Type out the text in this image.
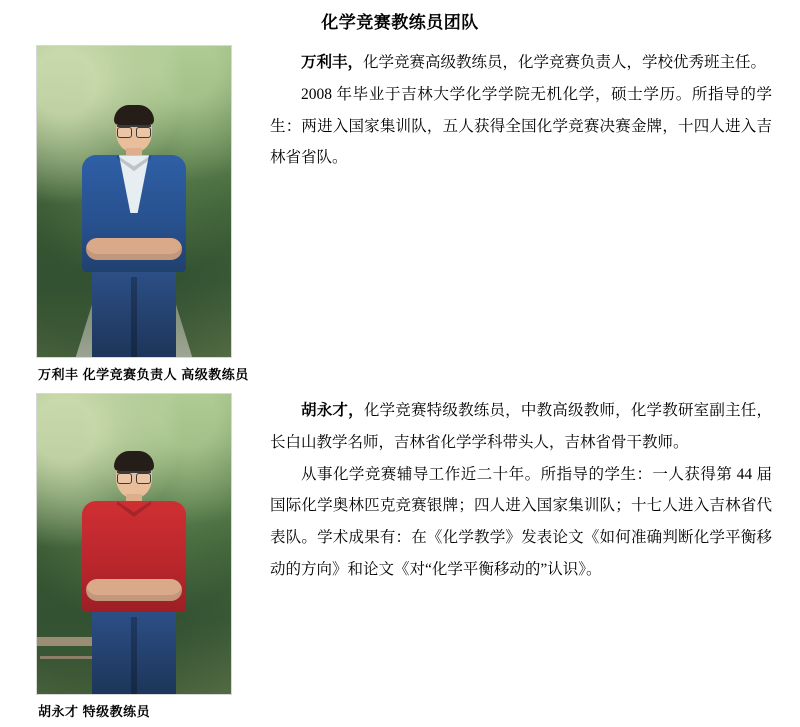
化学竞赛教练员团队
万利丰 化学竞赛负责人 高级教练员

万利丰，化学竞赛高级教练员，化学竞赛负责人，学校优秀班主任。

2008 年毕业于吉林大学化学学院无机化学，硕士学历。所指导的学生：两进入国家集训队，五人获得全国化学竞赛决赛金牌，十四人进入吉林省省队。

胡永才 特级教练员

胡永才，化学竞赛特级教练员，中教高级教师，化学教研室副主任，长白山教学名师，吉林省化学学科带头人，吉林省骨干教师。

从事化学竞赛辅导工作近二十年。所指导的学生：一人获得第 44 届国际化学奥林匹克竞赛银牌；四人进入国家集训队；十七人进入吉林省代表队。学术成果有：在《化学教学》发表论文《如何准确判断化学平衡移动的方向》和论文《对“化学平衡移动的”认识》。
